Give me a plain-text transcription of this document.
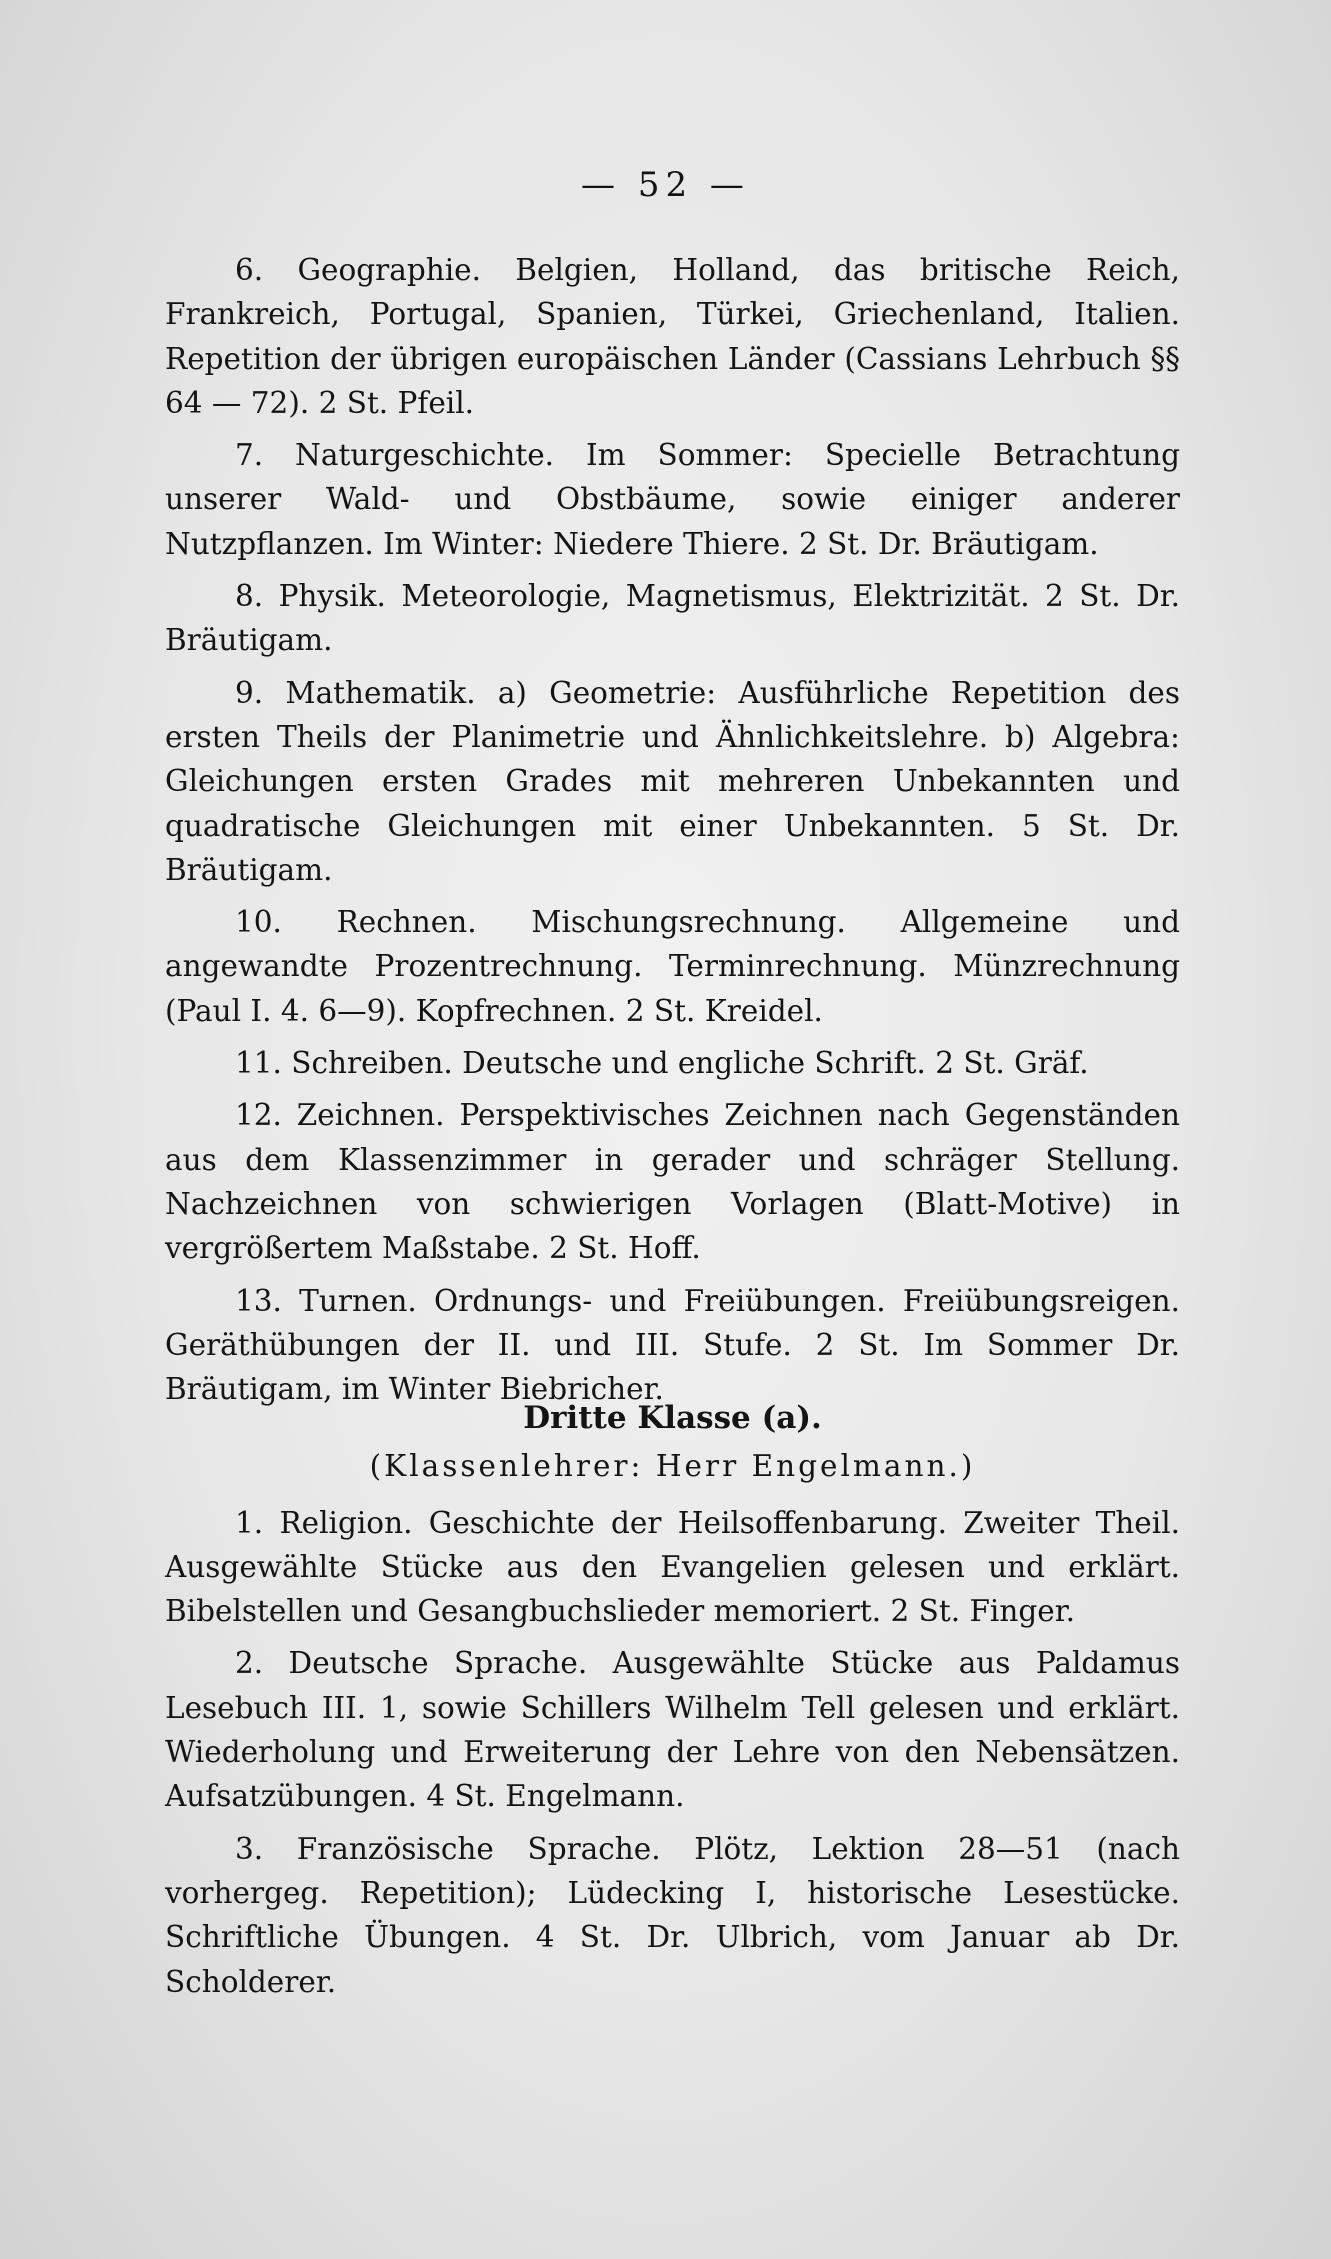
— 52 —

6. Geographie. Belgien, Holland, das britische Reich, Frankreich, Portugal, Spanien, Türkei, Griechenland, Italien. Repetition der übrigen europäischen Länder (Cassians Lehrbuch §§ 64 — 72). 2 St. Pfeil.

7. Naturgeschichte. Im Sommer: Specielle Betrachtung unserer Wald- und Obstbäume, sowie einiger anderer Nutzpflanzen. Im Winter: Niedere Thiere. 2 St. Dr. Bräutigam.

8. Physik. Meteorologie, Magnetismus, Elektrizität. 2 St. Dr. Bräutigam.

9. Mathematik. a) Geometrie: Ausführliche Repetition des ersten Theils der Planimetrie und Ähnlichkeitslehre. b) Algebra: Gleichungen ersten Grades mit mehreren Unbekannten und quadratische Gleichungen mit einer Unbekannten. 5 St. Dr. Bräutigam.

10. Rechnen. Mischungsrechnung. Allgemeine und angewandte Prozentrechnung. Terminrechnung. Münzrechnung (Paul I. 4. 6—9). Kopfrechnen. 2 St. Kreidel.

11. Schreiben. Deutsche und engliche Schrift. 2 St. Gräf.

12. Zeichnen. Perspektivisches Zeichnen nach Gegenständen aus dem Klassenzimmer in gerader und schräger Stellung. Nachzeichnen von schwierigen Vorlagen (Blatt-Motive) in vergrößertem Maßstabe. 2 St. Hoff.

13. Turnen. Ordnungs- und Freiübungen. Freiübungsreigen. Geräthübungen der II. und III. Stufe. 2 St. Im Sommer Dr. Bräutigam, im Winter Biebricher.

Dritte Klasse (a).
(Klassenlehrer: Herr Engelmann.)

1. Religion. Geschichte der Heilsoffenbarung. Zweiter Theil. Ausgewählte Stücke aus den Evangelien gelesen und erklärt. Bibelstellen und Gesangbuchslieder memoriert. 2 St. Finger.

2. Deutsche Sprache. Ausgewählte Stücke aus Paldamus Lesebuch III. 1, sowie Schillers Wilhelm Tell gelesen und erklärt. Wiederholung und Erweiterung der Lehre von den Nebensätzen. Aufsatzübungen. 4 St. Engelmann.

3. Französische Sprache. Plötz, Lektion 28—51 (nach vorhergeg. Repetition); Lüdecking I, historische Lesestücke. Schriftliche Übungen. 4 St. Dr. Ulbrich, vom Januar ab Dr. Scholderer.
